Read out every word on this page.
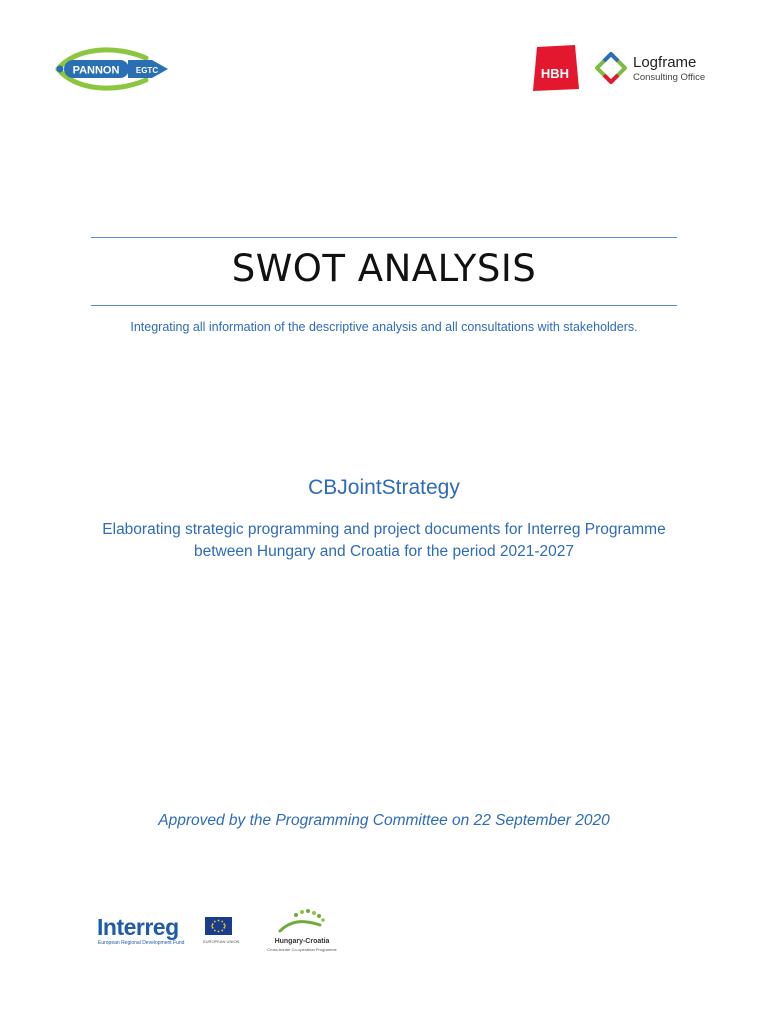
PANNON EGTC	HBH
Logframe
Consulting Office
SWOT ANALYSIS
Integrating all information of the descriptive analysis and all consultations with stakeholders.
CBJointStrategy
Elaborating strategic programming and project documents for Interreg Programme between Hungary and Croatia for the period 2021-2027
Approved by the Programming Committee on 22 September 2020
Interreg
European Regional Development Fund	EUROPEAN UNION	Hungary-Croatia
Cross-border Co-operation Programme
